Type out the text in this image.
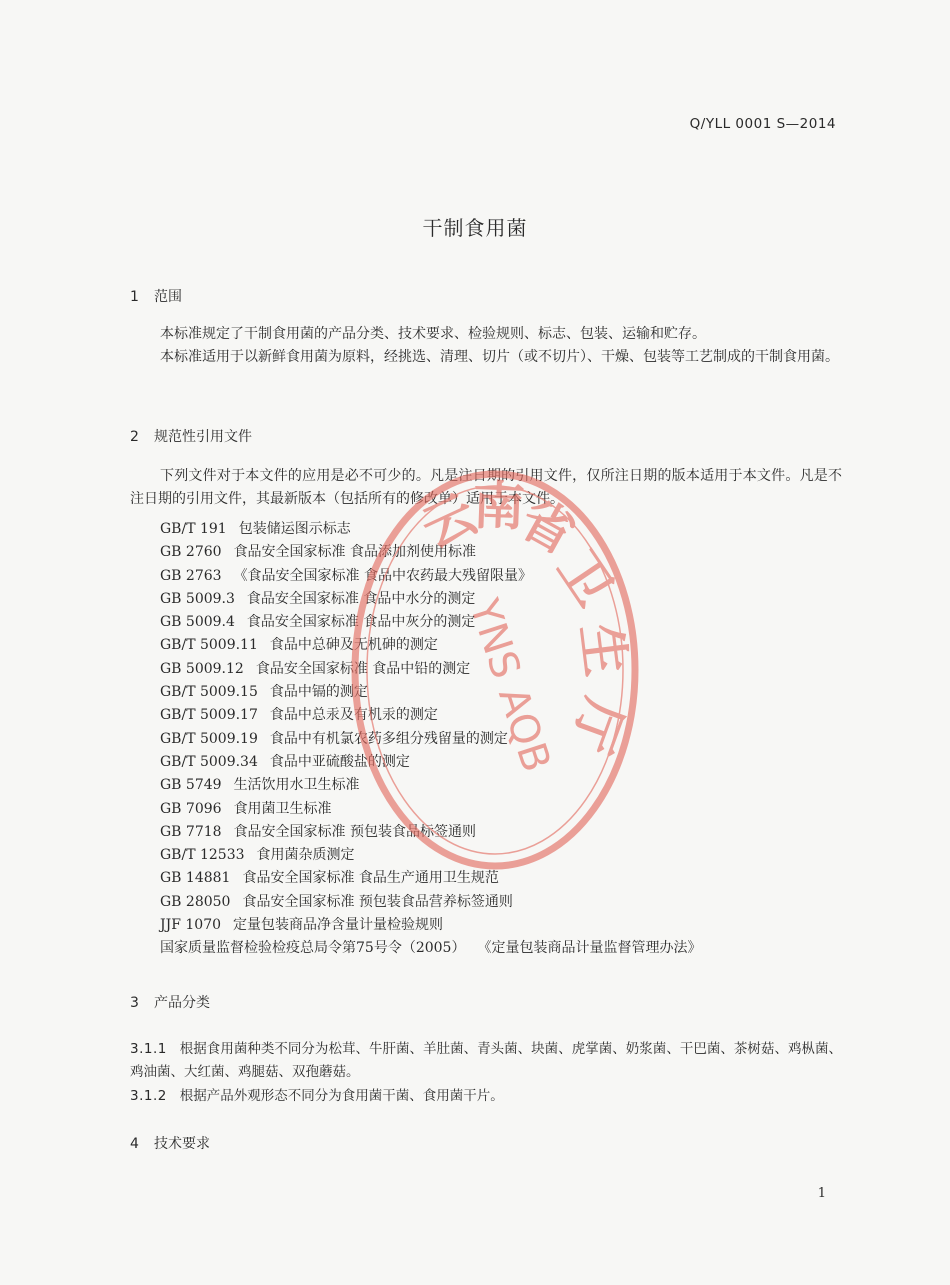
Q/YLL 0001 S—2014
干制食用菌
1 范围

本标准规定了干制食用菌的产品分类、技术要求、检验规则、标志、包装、运输和贮存。

本标准适用于以新鲜食用菌为原料，经挑选、清理、切片（或不切片）、干燥、包装等工艺制成的干制食用菌。

2 规范性引用文件

下列文件对于本文件的应用是必不可少的。凡是注日期的引用文件，仅所注日期的版本适用于本文件。凡是不注日期的引用文件，其最新版本（包括所有的修改单）适用于本文件。

GB/T 191 包装储运图示标志
GB 2760 食品安全国家标准 食品添加剂使用标准
GB 2763 《食品安全国家标准 食品中农药最大残留限量》
GB 5009.3 食品安全国家标准 食品中水分的测定
GB 5009.4 食品安全国家标准 食品中灰分的测定
GB/T 5009.11 食品中总砷及无机砷的测定
GB 5009.12 食品安全国家标准 食品中铅的测定
GB/T 5009.15 食品中镉的测定
GB/T 5009.17 食品中总汞及有机汞的测定
GB/T 5009.19 食品中有机氯农药多组分残留量的测定
GB/T 5009.34 食品中亚硫酸盐的测定
GB 5749 生活饮用水卫生标准
GB 7096 食用菌卫生标准
GB 7718 食品安全国家标准 预包装食品标签通则
GB/T 12533 食用菌杂质测定
GB 14881 食品安全国家标准 食品生产通用卫生规范
GB 28050 食品安全国家标准 预包装食品营养标签通则
JJF 1070 定量包装商品净含量计量检验规则
国家质量监督检验检疫总局令第75号令（2005） 《定量包装商品计量监督管理办法》
3 产品分类

3.1.1 根据食用菌种类不同分为松茸、牛肝菌、羊肚菌、青头菌、块菌、虎掌菌、奶浆菌、干巴菌、茶树菇、鸡枞菌、鸡油菌、大红菌、鸡腿菇、双孢蘑菇。

3.1.2 根据产品外观形态不同分为食用菌干菌、食用菌干片。

4 技术要求
1
云
南
省
卫
生
厅
YNS AQB
